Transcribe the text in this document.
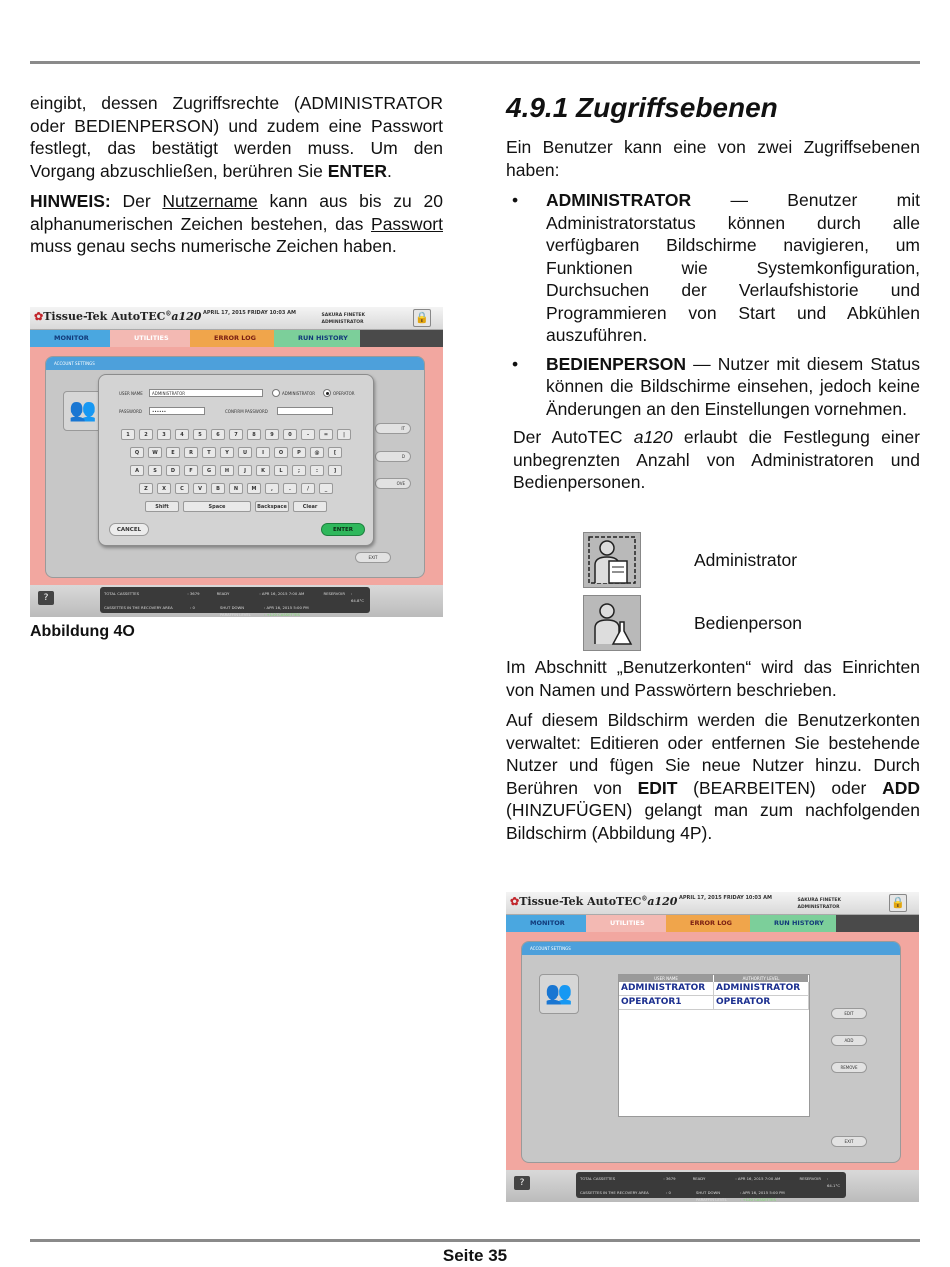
eingibt, dessen Zugriffsrechte (ADMINISTRATOR oder BEDIENPERSON) und zudem eine Passwort festlegt, das bestätigt werden muss. Um den Vorgang abzuschließen, berühren Sie ENTER.

HINWEIS: Der Nutzername kann aus bis zu 20 alphanumerischen Zeichen bestehen, das Passwort muss genau sechs numerische Zeichen haben.

✿Tissue-Tek AutoTEC®a120 APRIL 17, 2015 FRIDAY 10:03 AM	SAKURA FINETEK
ADMINISTRATOR	🔒
MONITOR	UTILITIES	ERROR LOG	RUN HISTORY
ACCOUNT SETTINGS
👥
IT
D
OVE
EXIT
USER NAME	ADMINISTRATOR	ADMINISTRATOR	OPERATOR
PASSWORD	••••••	CONFIRM PASSWORD
1	2	3	4	5	6	7	8	9	0	-	=	|
Q	W	E	R	T	Y	U	I	O	P	@	[
A	S	D	F	G	H	J	K	L	;	:	]
Z	X	C	V	B	N	M	,	.	/	_
Shift	Space	Backspace	Clear
CANCEL	ENTER
?	TOTAL CASSETTES	: 3679	READY	: APR 16, 2015 7:00 AM	RESERVOIR : 64.8°C
CASSETTES IN THE RECOVERY AREA	: 0	SHUT DOWN	: APR 16, 2015 5:00 PM
PARAFFIN LEVEL	: +120 CASSETTES
Abbildung 4O
4.9.1 Zugriffsebenen

Ein Benutzer kann eine von zwei Zugriffsebenen haben:

• ADMINISTRATOR — Benutzer mit Administratorstatus können durch alle verfügbaren Bildschirme navigieren, um Funktionen wie Systemkonfiguration, Durchsuchen der Verlaufshistorie und Programmieren von Start und Abkühlen auszuführen.
• BEDIENPERSON — Nutzer mit diesem Status können die Bildschirme einsehen, jedoch keine Änderungen an den Einstellungen vornehmen.

Der AutoTEC a120 erlaubt die Festlegung einer unbegrenzten Anzahl von Administratoren und Bedienpersonen.

Administrator
Bedienperson

Im Abschnitt „Benutzerkonten“ wird das Einrichten von Namen und Passwörtern beschrieben.

Auf diesem Bildschirm werden die Benutzerkonten verwaltet: Editieren oder entfernen Sie bestehende Nutzer und fügen Sie neue Nutzer hinzu. Durch Berühren von EDIT (BEARBEITEN) oder ADD (HINZUFÜGEN) gelangt man zum nachfolgenden Bildschirm (Abbildung 4P).

✿Tissue-Tek AutoTEC®a120 APRIL 17, 2015 FRIDAY 10:03 AM	SAKURA FINETEK
ADMINISTRATOR	🔒
MONITOR	UTILITIES	ERROR LOG	RUN HISTORY
ACCOUNT SETTINGS
👥
USER NAME	AUTHORITY LEVEL
ADMINISTRATOR	ADMINISTRATOR
OPERATOR1	OPERATOR
EDIT
ADD
REMOVE
EXIT
?	TOTAL CASSETTES	: 3679	READY	: APR 16, 2015 7:00 AM	RESERVOIR : 64.1°C
CASSETTES IN THE RECOVERY AREA	: 0	SHUT DOWN	: APR 16, 2015 5:00 PM
PARAFFIN LEVEL	: +120 CASSETTES
Seite 35
